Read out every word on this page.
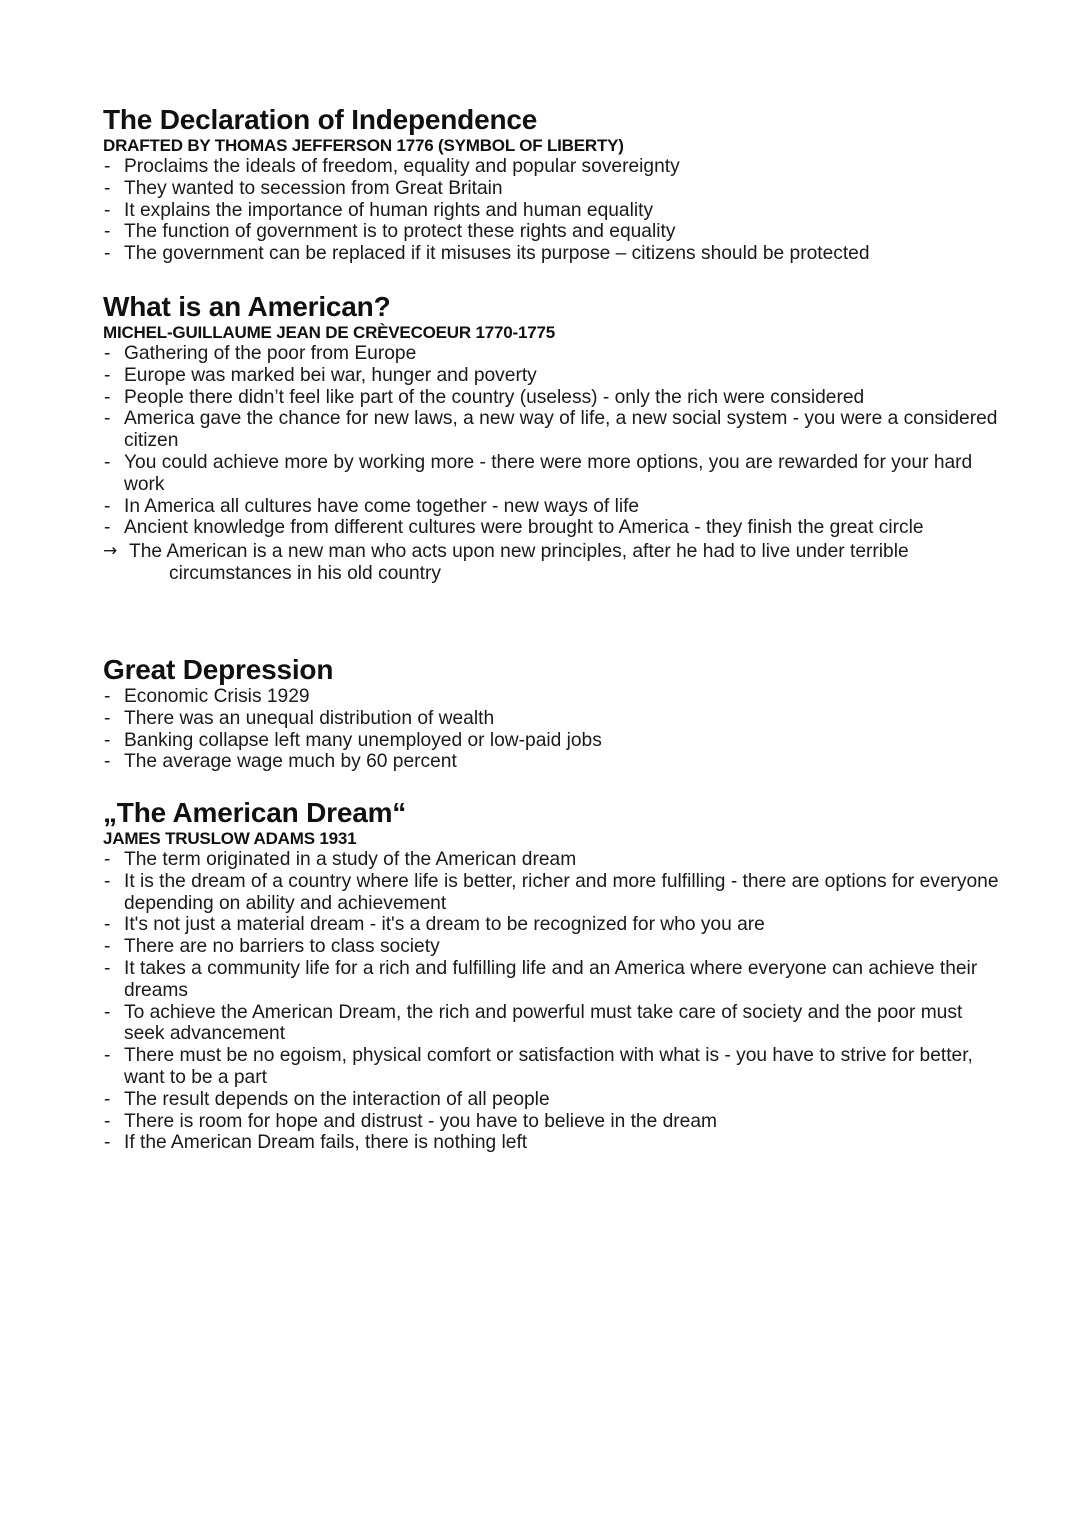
The Declaration of Independence
DRAFTED BY THOMAS JEFFERSON 1776 (SYMBOL OF LIBERTY)
- Proclaims the ideals of freedom, equality and popular sovereignty
- They wanted to secession from Great Britain
- It explains the importance of human rights and human equality
- The function of government is to protect these rights and equality
- The government can be replaced if it misuses its purpose – citizens should be protected
What is an American?
MICHEL-GUILLAUME JEAN DE CRÈVECOEUR 1770-1775
- Gathering of the poor from Europe
- Europe was marked bei war, hunger and poverty
- People there didn’t feel like part of the country (useless) - only the rich were considered
- America gave the chance for new laws, a new way of life, a new social system - you were a considered citizen
- You could achieve more by working more - there were more options, you are rewarded for your hard work
- In America all cultures have come together - new ways of life
- Ancient knowledge from different cultures were brought to America - they finish the great circle
→ The American is a new man who acts upon new principles, after he had to live under terrible
circumstances in his old country
Great Depression
- Economic Crisis 1929
- There was an unequal distribution of wealth
- Banking collapse left many unemployed or low-paid jobs
- The average wage much by 60 percent
„The American Dream“
JAMES TRUSLOW ADAMS 1931
- The term originated in a study of the American dream
- It is the dream of a country where life is better, richer and more fulfilling - there are options for everyone depending on ability and achievement
- It's not just a material dream - it's a dream to be recognized for who you are
- There are no barriers to class society
- It takes a community life for a rich and fulfilling life and an America where everyone can achieve their dreams
- To achieve the American Dream, the rich and powerful must take care of society and the poor must seek advancement
- There must be no egoism, physical comfort or satisfaction with what is - you have to strive for better, want to be a part
- The result depends on the interaction of all people
- There is room for hope and distrust - you have to believe in the dream
- If the American Dream fails, there is nothing left
